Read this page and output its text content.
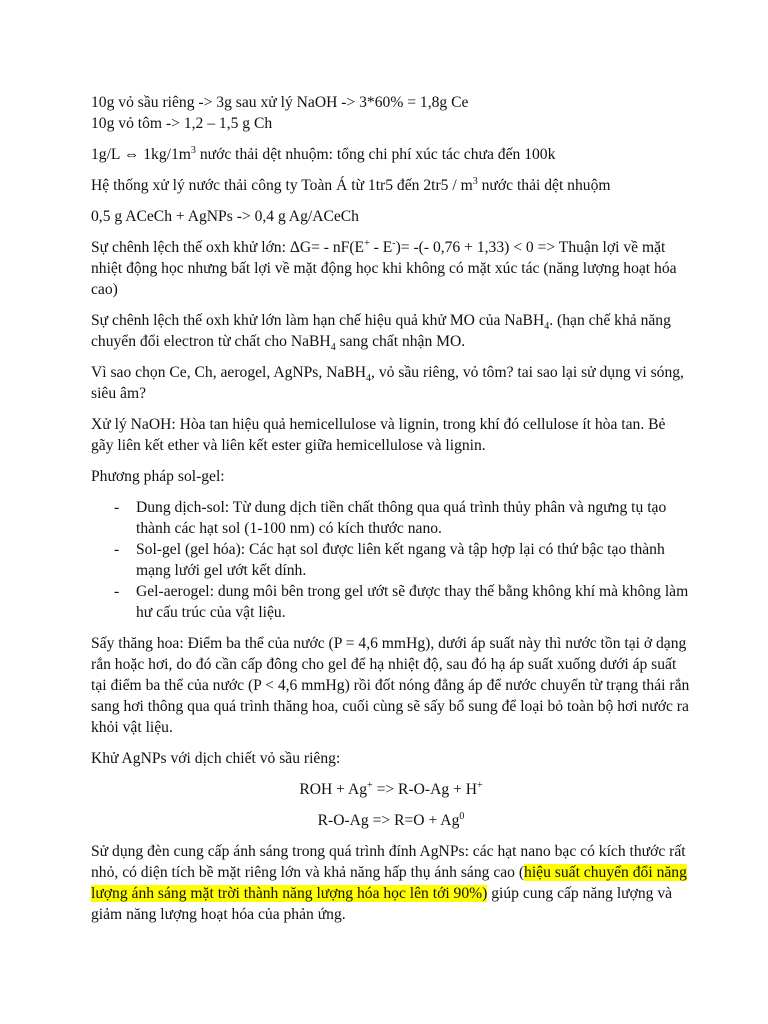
10g vỏ sầu riêng -> 3g sau xử lý NaOH -> 3*60% = 1,8g Ce

10g vỏ tôm -> 1,2 – 1,5 g Ch

1g/L ⇔ $1kg/1m^3$ nước thải dệt nhuộm: tổng chi phí xúc tác chưa đến 100k

Hệ thống xử lý nước thải công ty Toàn Á từ 1tr5 đến $2tr5 / m^3$ nước thải dệt nhuộm

0,5 g ACeCh + AgNPs -> 0,4 g Ag/ACeCh

Sự chênh lệch thế oxh khử lớn: ΔG= - nF(E+ - E-)= -(- 0,76 + 1,33) < 0 => Thuận lợi về mặt nhiệt động học nhưng bất lợi về mặt động học khi không có mặt xúc tác (năng lượng hoạt hóa cao)

Sự chênh lệch thế oxh khử lớn làm hạn chế hiệu quả khử MO của NaBH$_4$. (hạn chế khả năng chuyển đổi electron từ chất cho NaBH$_4$ sang chất nhận MO.

Vì sao chọn Ce, Ch, aerogel, AgNPs, NaBH$_4$, vỏ sầu riêng, vỏ tôm? tai sao lại sử dụng vi sóng, siêu âm?

Xử lý NaOH: Hòa tan hiệu quả hemicellulose và lignin, trong khí đó cellulose ít hòa tan. Bẻ gãy liên kết ether và liên kết ester giữa hemicellulose và lignin.

Phương pháp sol-gel:

- Dung dịch-sol: Từ dung dịch tiền chất thông qua quá trình thủy phân và ngưng tụ tạo thành các hạt sol (1-100 nm) có kích thước nano.
- Sol-gel (gel hóa): Các hạt sol được liên kết ngang và tập hợp lại có thứ bậc tạo thành mạng lưới gel ướt kết dính.
- Gel-aerogel: dung môi bên trong gel ướt sẽ được thay thế bằng không khí mà không làm hư cấu trúc của vật liệu.

Sấy thăng hoa: Điểm ba thể của nước (P = 4,6 mmHg), dưới áp suất này thì nước tồn tại ở dạng rắn hoặc hơi, do đó cần cấp đông cho gel để hạ nhiệt độ, sau đó hạ áp suất xuống dưới áp suất tại điểm ba thể của nước (P < 4,6 mmHg) rồi đốt nóng đẳng áp để nước chuyển từ trạng thái rắn sang hơi thông qua quá trình thăng hoa, cuối cùng sẽ sấy bổ sung để loại bỏ toàn bộ hơi nước ra khỏi vật liệu.

Khử AgNPs với dịch chiết vỏ sầu riêng:

ROH + Ag+ => R-O-Ag + H+

$R-O-Ag => R=O + Ag^0$

Sử dụng đèn cung cấp ánh sáng trong quá trình đính AgNPs: các hạt nano bạc có kích thước rất nhỏ, có diện tích bề mặt riêng lớn và khả năng hấp thụ ánh sáng cao (hiệu suất chuyển đổi năng lượng ánh sáng mặt trời thành năng lượng hóa học lên tới 90%) giúp cung cấp năng lượng và giảm năng lượng hoạt hóa của phản ứng.
